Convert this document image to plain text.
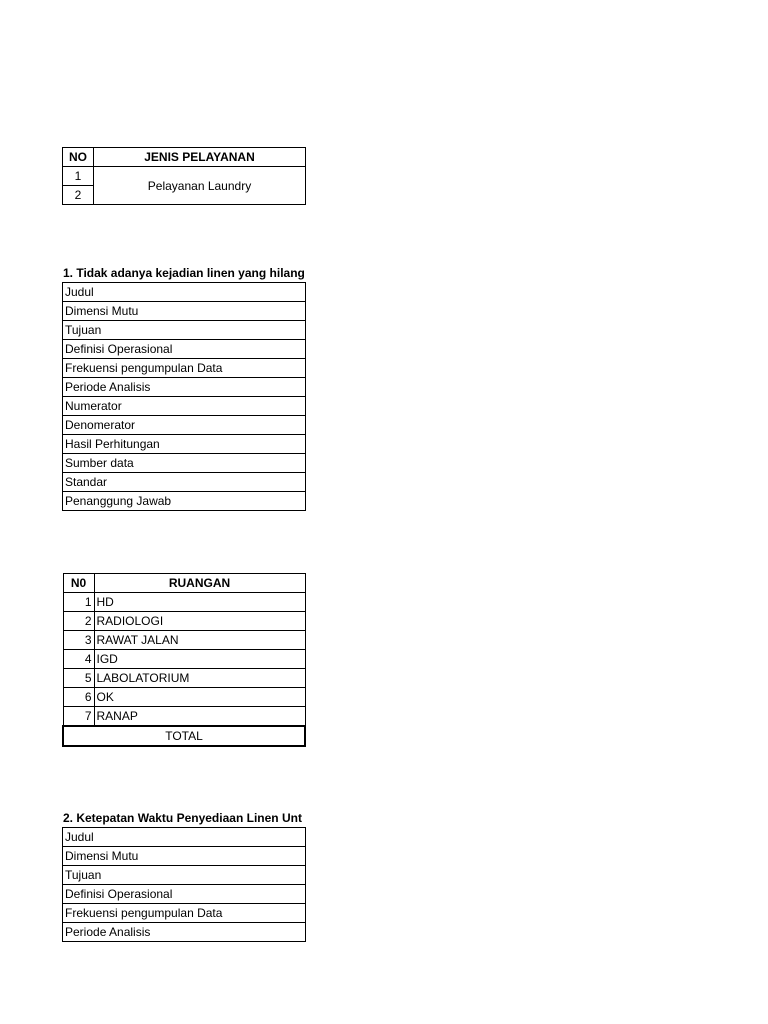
NO	JENIS PELAYANAN
1	Pelayanan Laundry
2	
1. Tidak adanya kejadian linen yang hilang
Judul
Dimensi Mutu
Tujuan
Definisi Operasional
Frekuensi pengumpulan Data
Periode Analisis
Numerator
Denomerator
Hasil Perhitungan
Sumber data
Standar
Penanggung Jawab
N0	RUANGAN
1	HD
2	RADIOLOGI
3	RAWAT JALAN
4	IGD
5	LABOLATORIUM
6	OK
7	RANAP
TOTAL	
2. Ketepatan Waktu Penyediaan Linen Unt
Judul
Dimensi Mutu
Tujuan
Definisi Operasional
Frekuensi pengumpulan Data
Periode Analisis
